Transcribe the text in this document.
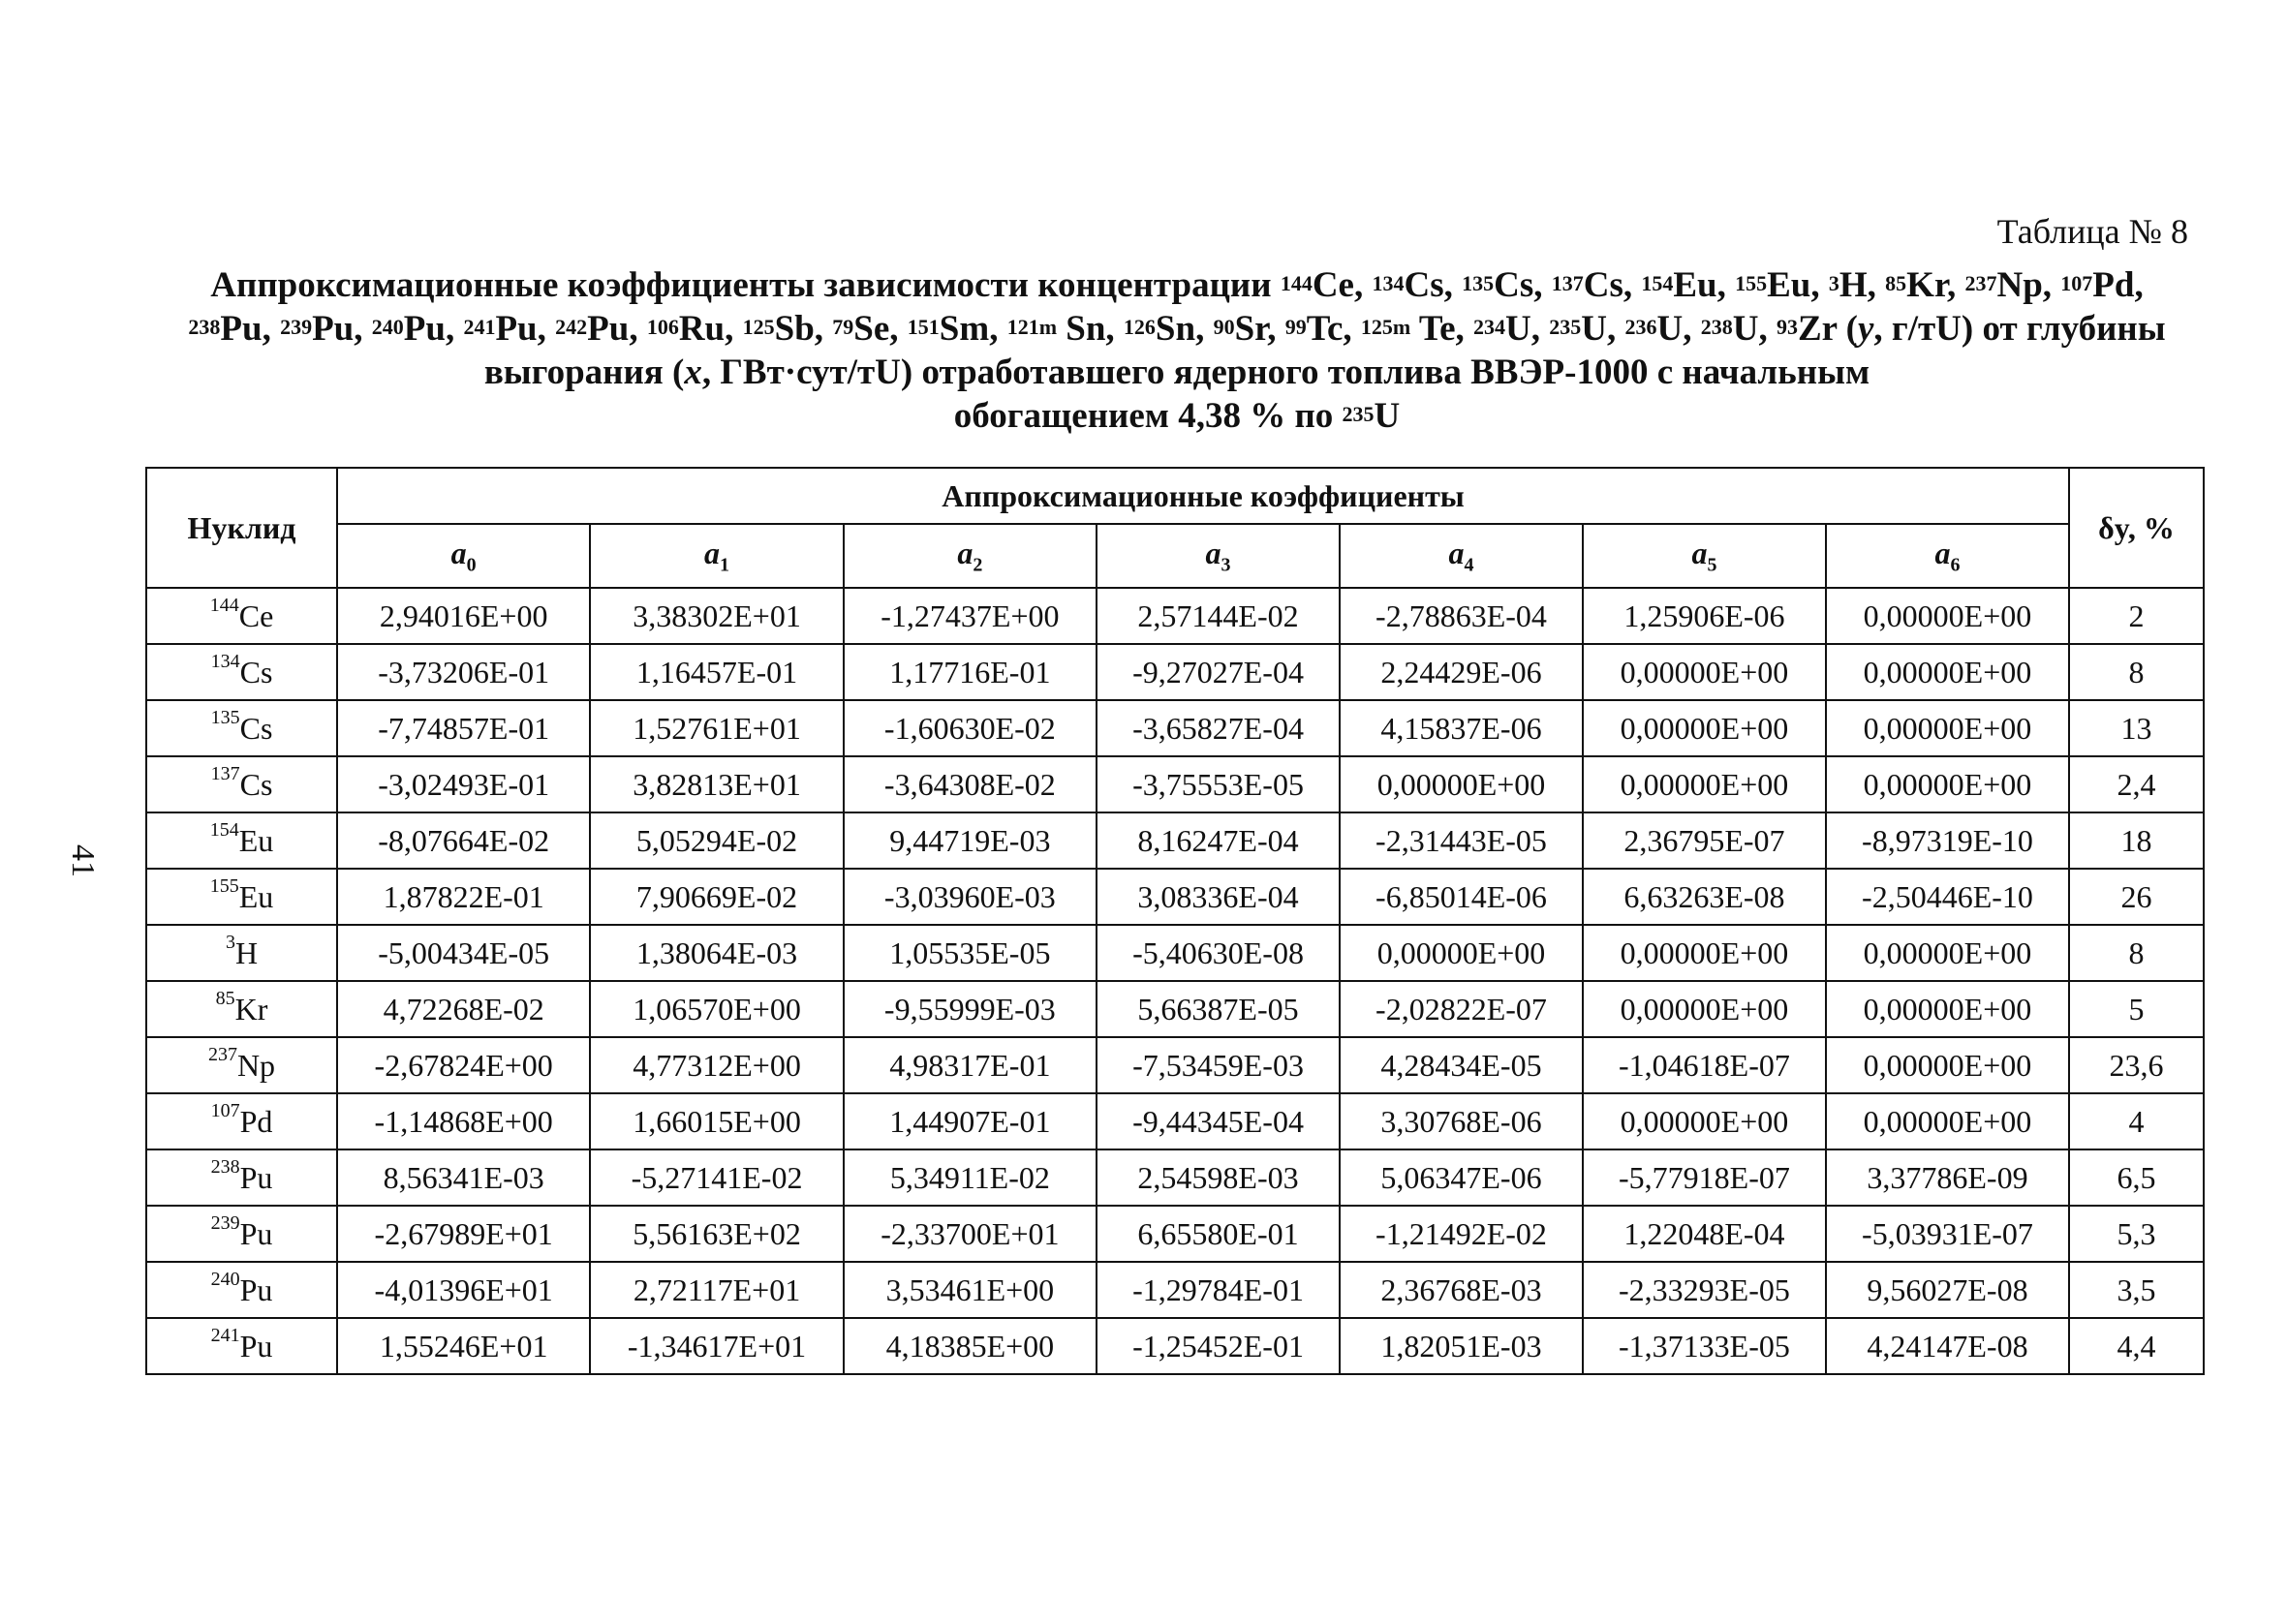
41
Таблица № 8
Аппроксимационные коэффициенты зависимости концентрации $^{144}$Ce, $^{134}$Cs, $^{135}$Cs, $^{137}$Cs, $^{154}$Eu, $^{155}$Eu, $^3$H, $^{85}$Kr, $^{237}$Np, $^{107}$Pd, $^{238}$Pu, $^{239}$Pu, $^{240}$Pu, $^{241}$Pu, $^{242}$Pu, $^{106}$Ru, $^{125}$Sb, $^{79}$Se, $^{151}$Sm, $^{121m}$ Sn, $^{126}$Sn, $^{90}$Sr, $^{99}$Tc, $^{125m}$ Te, $^{234}$U, $^{235}$U, $^{236}$U, $^{238}$U, $^{93}$Zr (y, г/тU) от глубины выгорания (x, ГВт·сут/тU) отработавшего ядерного топлива ВВЭР-1000 с начальным
обогащением 4,38 % по $^{235}$U
Нуклид	Аппроксимационные коэффициенты							δy, %
	$a_0$	$a_1$	$a_2$	$a_3$	$a_4$	$a_5$	$a_6$
$^{144}$Ce	2,94016E+00	3,38302E+01	-1,27437E+00	2,57144E-02	-2,78863E-04	1,25906E-06	0,00000E+00	2
$^{134}$Cs	-3,73206E-01	1,16457E-01	1,17716E-01	-9,27027E-04	2,24429E-06	0,00000E+00	0,00000E+00	8
$^{135}$Cs	-7,74857E-01	1,52761E+01	-1,60630E-02	-3,65827E-04	4,15837E-06	0,00000E+00	0,00000E+00	13
$^{137}$Cs	-3,02493E-01	3,82813E+01	-3,64308E-02	-3,75553E-05	0,00000E+00	0,00000E+00	0,00000E+00	2,4
$^{154}$Eu	-8,07664E-02	5,05294E-02	9,44719E-03	8,16247E-04	-2,31443E-05	2,36795E-07	-8,97319E-10	18
$^{155}$Eu	1,87822E-01	7,90669E-02	-3,03960E-03	3,08336E-04	-6,85014E-06	6,63263E-08	-2,50446E-10	26
$^3$H	-5,00434E-05	1,38064E-03	1,05535E-05	-5,40630E-08	0,00000E+00	0,00000E+00	0,00000E+00	8
$^{85}$Kr	4,72268E-02	1,06570E+00	-9,55999E-03	5,66387E-05	-2,02822E-07	0,00000E+00	0,00000E+00	5
$^{237}$Np	-2,67824E+00	4,77312E+00	4,98317E-01	-7,53459E-03	4,28434E-05	-1,04618E-07	0,00000E+00	23,6
$^{107}$Pd	-1,14868E+00	1,66015E+00	1,44907E-01	-9,44345E-04	3,30768E-06	0,00000E+00	0,00000E+00	4
$^{238}$Pu	8,56341E-03	-5,27141E-02	5,34911E-02	2,54598E-03	5,06347E-06	-5,77918E-07	3,37786E-09	6,5
$^{239}$Pu	-2,67989E+01	5,56163E+02	-2,33700E+01	6,65580E-01	-1,21492E-02	1,22048E-04	-5,03931E-07	5,3
$^{240}$Pu	-4,01396E+01	2,72117E+01	3,53461E+00	-1,29784E-01	2,36768E-03	-2,33293E-05	9,56027E-08	3,5
$^{241}$Pu	1,55246E+01	-1,34617E+01	4,18385E+00	-1,25452E-01	1,82051E-03	-1,37133E-05	4,24147E-08	4,4
